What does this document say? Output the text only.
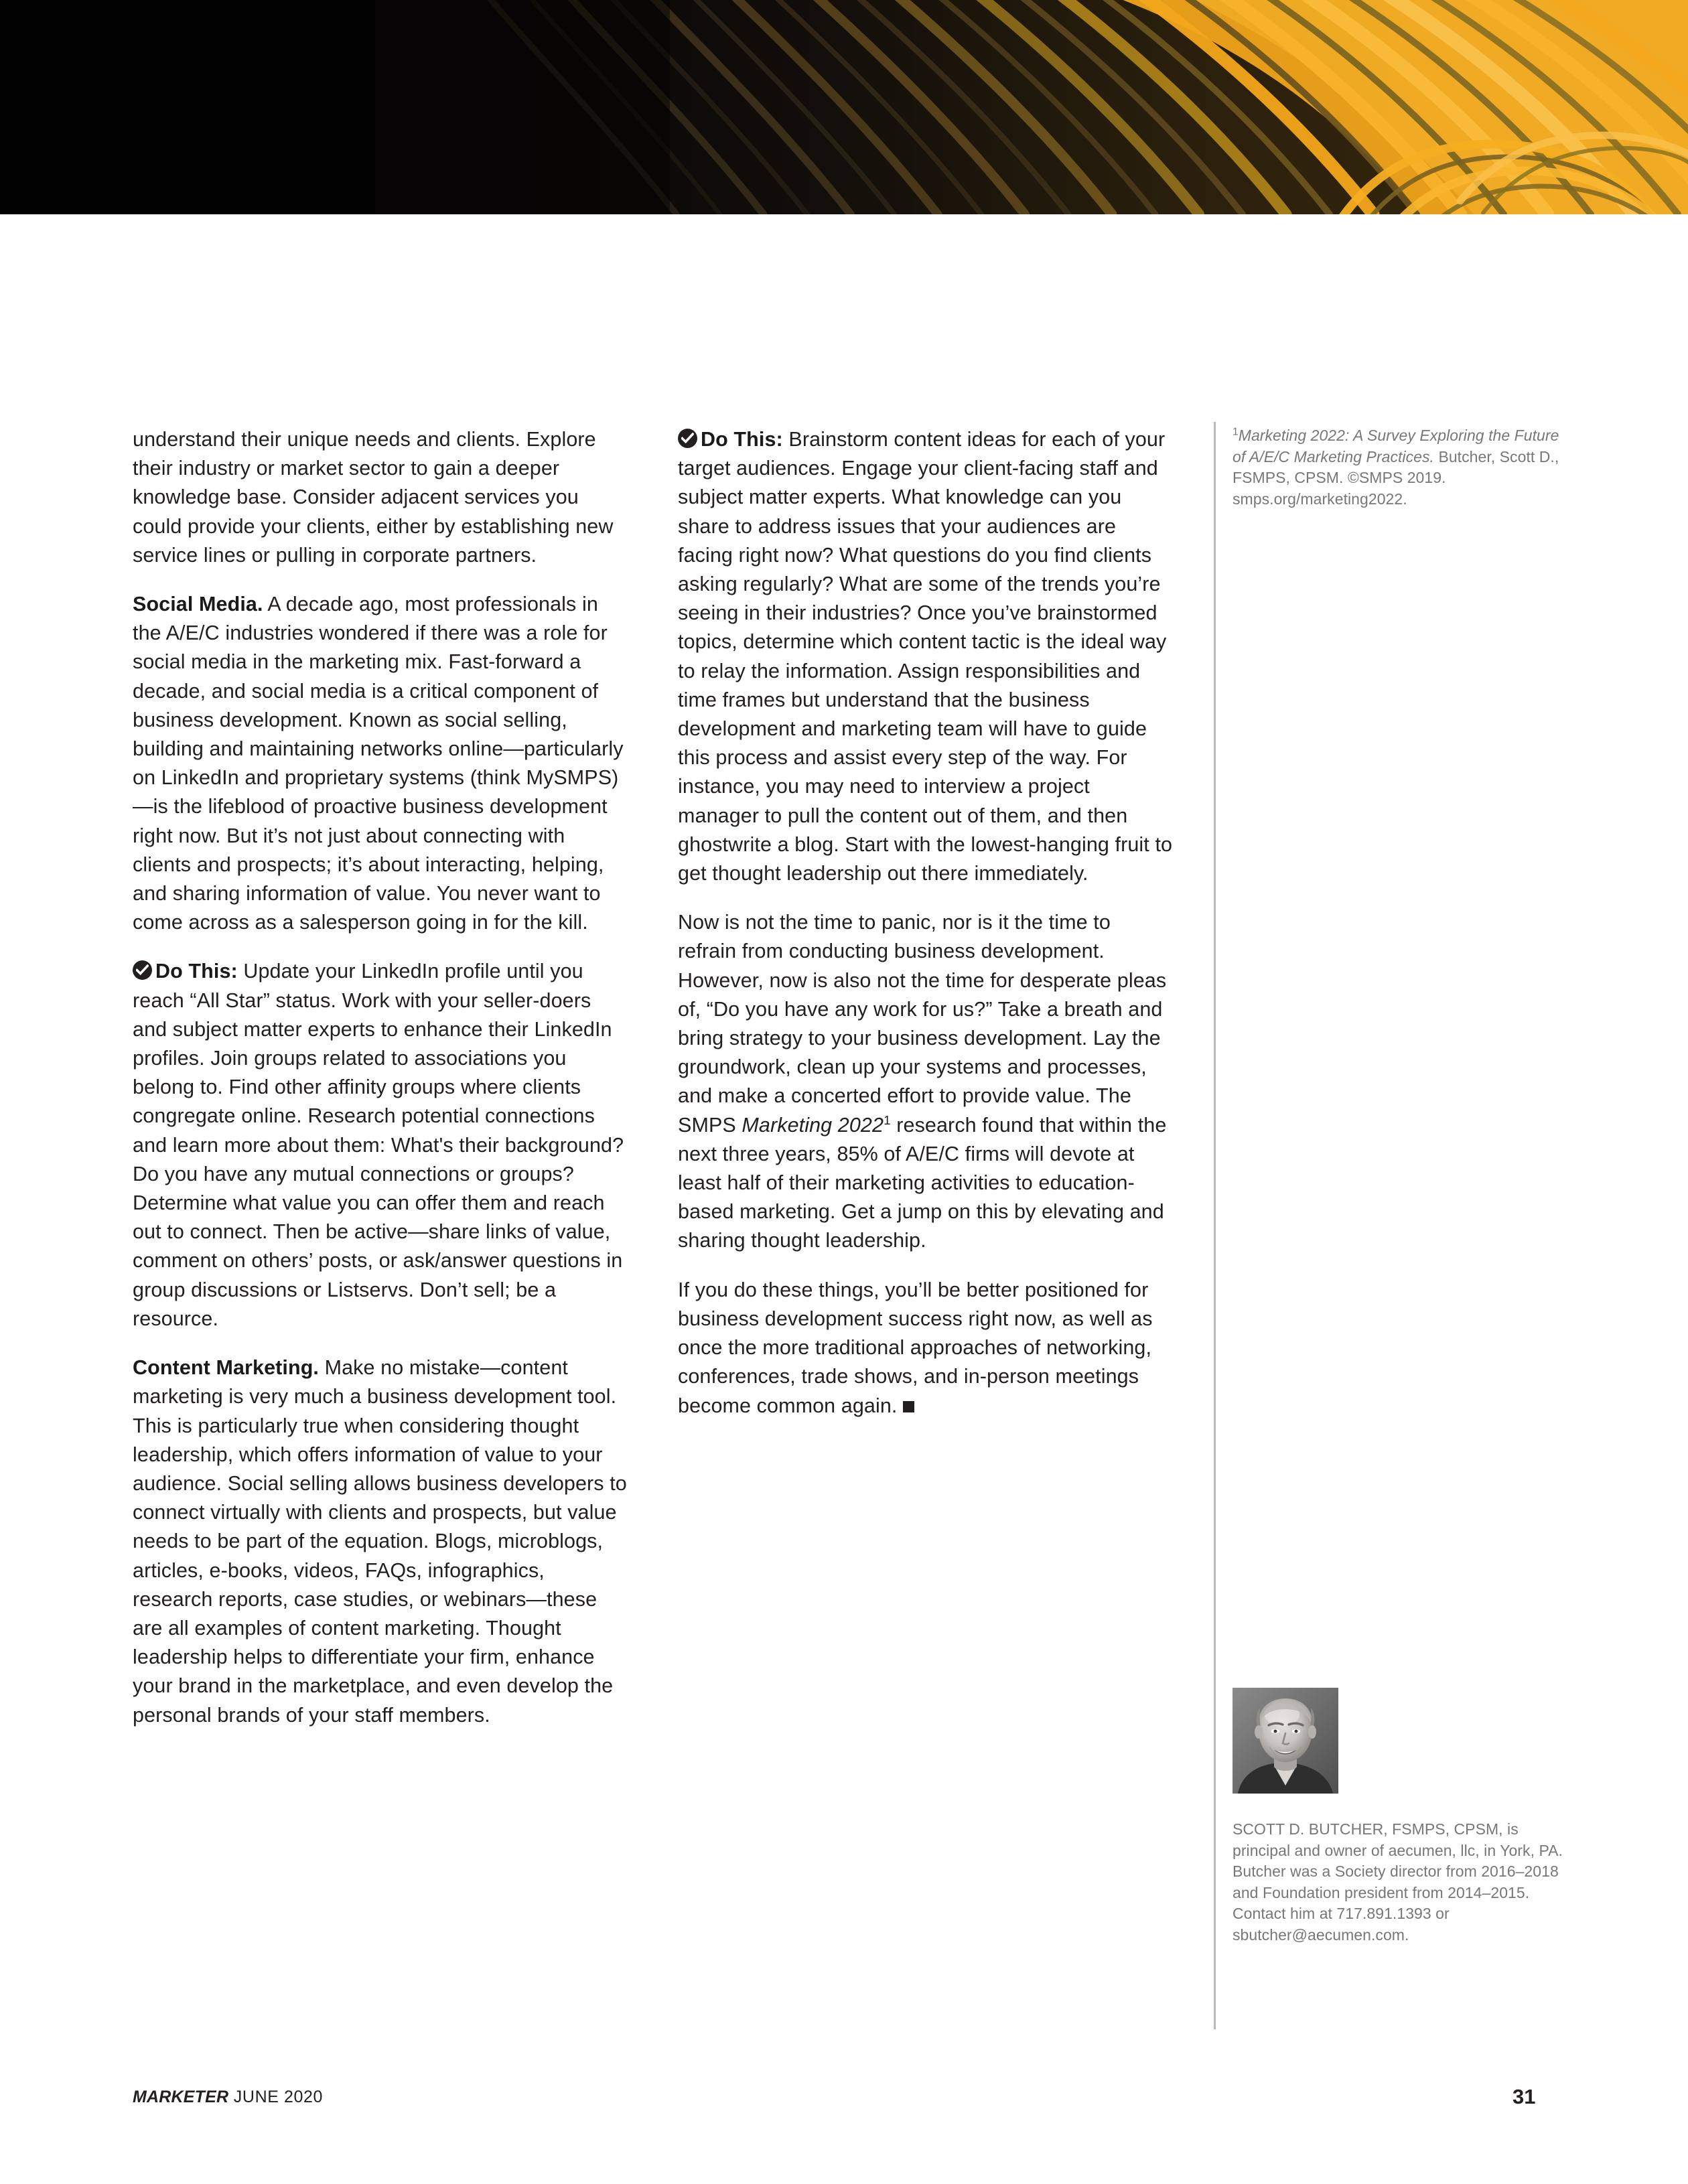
understand their unique needs and clients. Explore their industry or market sector to gain a deeper knowledge base. Consider adjacent services you could provide your clients, either by establishing new service lines or pulling in corporate partners.

Social Media. A decade ago, most professionals in the A/E/C industries wondered if there was a role for social media in the marketing mix. Fast-forward a decade, and social media is a critical component of business development. Known as social selling, building and maintaining networks online—particularly on LinkedIn and proprietary systems (think MySMPS)—is the lifeblood of proactive business development right now. But it’s not just about connecting with clients and prospects; it’s about interacting, helping, and sharing information of value. You never want to come across as a salesperson going in for the kill.

Do This: Update your LinkedIn profile until you reach “All Star” status. Work with your seller-doers and subject matter experts to enhance their LinkedIn profiles. Join groups related to associations you belong to. Find other affinity groups where clients congregate online. Research potential connections and learn more about them: What's their background? Do you have any mutual connections or groups? Determine what value you can offer them and reach out to connect. Then be active—share links of value, comment on others’ posts, or ask/answer questions in group discussions or Listservs. Don’t sell; be a resource.

Content Marketing. Make no mistake—content marketing is very much a business development tool. This is particularly true when considering thought leadership, which offers information of value to your audience. Social selling allows business developers to connect virtually with clients and prospects, but value needs to be part of the equation. Blogs, microblogs, articles, e-books, videos, FAQs, infographics, research reports, case studies, or webinars—these are all examples of content marketing. Thought leadership helps to differentiate your firm, enhance your brand in the marketplace, and even develop the personal brands of your staff members.

Do This: Brainstorm content ideas for each of your target audiences. Engage your client-facing staff and subject matter experts. What knowledge can you share to address issues that your audiences are facing right now? What questions do you find clients asking regularly? What are some of the trends you’re seeing in their industries? Once you’ve brainstormed topics, determine which content tactic is the ideal way to relay the information. Assign responsibilities and time frames but understand that the business development and marketing team will have to guide this process and assist every step of the way. For instance, you may need to interview a project manager to pull the content out of them, and then ghostwrite a blog. Start with the lowest-hanging fruit to get thought leadership out there immediately.

Now is not the time to panic, nor is it the time to refrain from conducting business development. However, now is also not the time for desperate pleas of, “Do you have any work for us?” Take a breath and bring strategy to your business development. Lay the groundwork, clean up your systems and processes, and make a concerted effort to provide value. The SMPS Marketing 2022$^1$ research found that within the next three years, 85% of A/E/C firms will devote at least half of their marketing activities to education-based marketing. Get a jump on this by elevating and sharing thought leadership.

If you do these things, you’ll be better positioned for business development success right now, as well as once the more traditional approaches of networking, conferences, trade shows, and in-person meetings become common again.

$^1$Marketing 2022: A Survey Exploring the Future of A/E/C Marketing Practices. Butcher, Scott D., FSMPS, CPSM. ©SMPS 2019. smps.org/marketing2022.

SCOTT D. BUTCHER, FSMPS, CPSM, is principal and owner of aecumen, llc, in York, PA. Butcher was a Society director from 2016–2018 and Foundation president from 2014–2015. Contact him at 717.891.1393 or sbutcher@aecumen.com.

MARKETER JUNE 2020	31
